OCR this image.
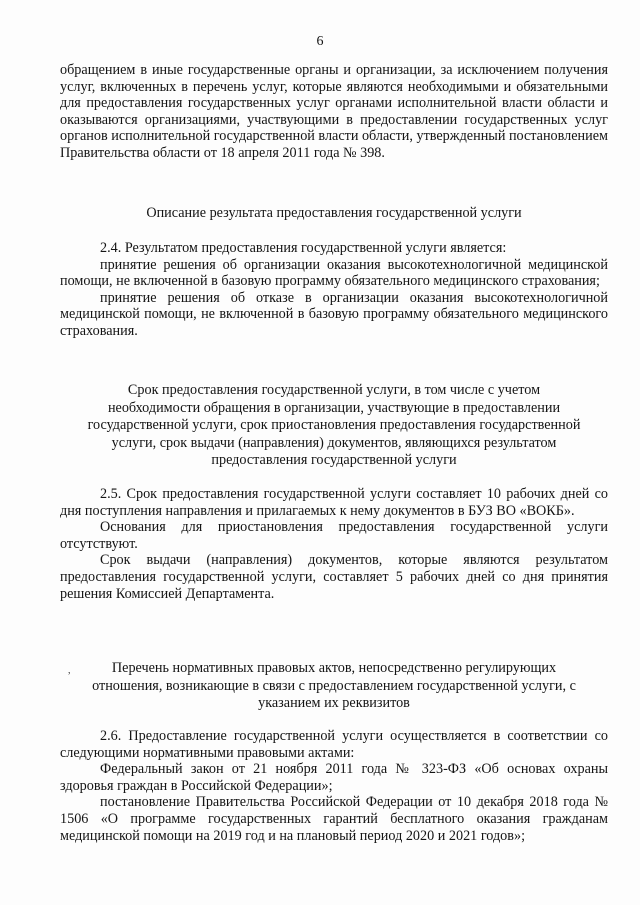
6

обращением в иные государственные органы и организации, за исключением получения услуг, включенных в перечень услуг, которые являются необходимыми и обязательными для предоставления государственных услуг органами исполнительной власти области и оказываются организациями, участвующими в предоставлении государственных услуг органов исполнительной государственной власти области, утвержденный постановлением Правительства области от 18 апреля 2011 года № 398.

Описание результата предоставления государственной услуги

2.4. Результатом предоставления государственной услуги является:

принятие решения об организации оказания высокотехнологичной медицинской помощи, не включенной в базовую программу обязательного медицинского страхования;

принятие решения об отказе в организации оказания высокотехнологичной медицинской помощи, не включенной в базовую программу обязательного медицинского страхования.

Срок предоставления государственной услуги, в том числе с учетом

необходимости обращения в организации, участвующие в предоставлении

государственной услуги, срок приостановления предоставления государственной

услуги, срок выдачи (направления) документов, являющихся результатом

предоставления государственной услуги

2.5. Срок предоставления государственной услуги составляет 10 рабочих дней со дня поступления направления и прилагаемых к нему документов в БУЗ ВО «ВОКБ».

Основания для приостановления предоставления государственной услуги отсутствуют.

Срок выдачи (направления) документов, которые являются результатом предоставления государственной услуги, составляет 5 рабочих дней со дня принятия решения Комиссией Департамента.

,	Перечень нормативных правовых актов, непосредственно регулирующих

отношения, возникающие в связи с предоставлением государственной услуги, с

указанием их реквизитов

2.6. Предоставление государственной услуги осуществляется в соответствии со следующими нормативными правовыми актами:

Федеральный закон от 21 ноября 2011 года № 323-ФЗ «Об основах охраны здоровья граждан в Российской Федерации»;

постановление Правительства Российской Федерации от 10 декабря 2018 года № 1506 «О программе государственных гарантий бесплатного оказания гражданам медицинской помощи на 2019 год и на плановый период 2020 и 2021 годов»;
